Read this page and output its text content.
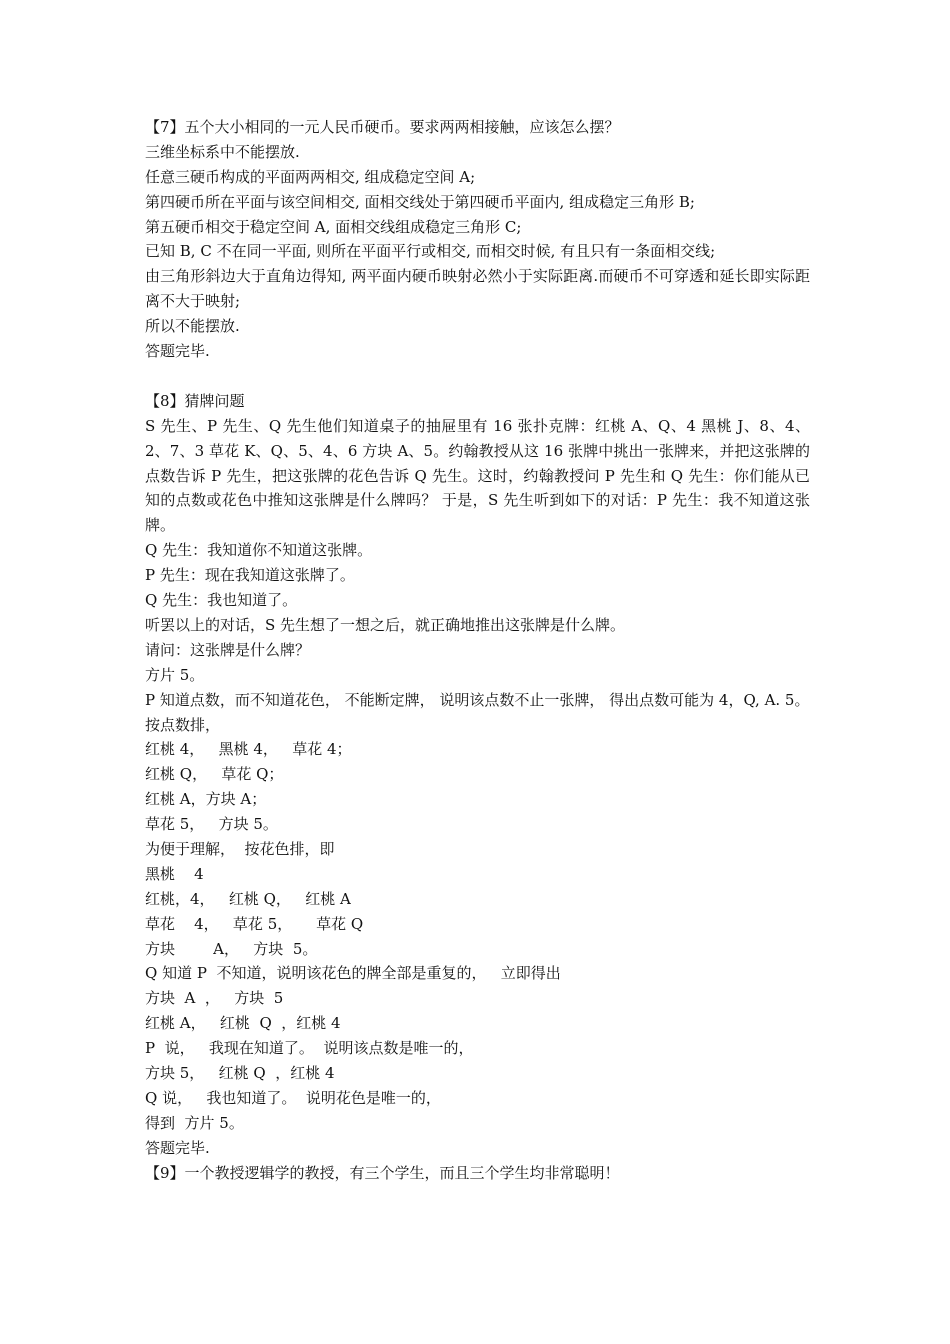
【7】五个大小相同的一元人民币硬币。要求两两相接触，应该怎么摆？
三维坐标系中不能摆放.
任意三硬币构成的平面两两相交, 组成稳定空间 A;
第四硬币所在平面与该空间相交, 面相交线处于第四硬币平面内, 组成稳定三角形 B;
第五硬币相交于稳定空间 A, 面相交线组成稳定三角形 C;
已知 B, C 不在同一平面, 则所在平面平行或相交, 而相交时候, 有且只有一条面相交线;
由三角形斜边大于直角边得知, 两平面内硬币映射必然小于实际距离.而硬币不可穿透和延长即实际距离不大于映射;
所以不能摆放.
答题完毕.
【8】猜牌问题
S 先生、P 先生、Q 先生他们知道桌子的抽屉里有 16 张扑克牌：红桃 A、Q、4 黑桃 J、8、4、2、7、3 草花 K、Q、5、4、6 方块 A、5。约翰教授从这 16 张牌中挑出一张牌来，并把这张牌的点数告诉 P 先生，把这张牌的花色告诉 Q 先生。这时，约翰教授问 P 先生和 Q 先生：你们能从已知的点数或花色中推知这张牌是什么牌吗？ 于是，S 先生听到如下的对话：P 先生：我不知道这张牌。
Q 先生：我知道你不知道这张牌。
P 先生：现在我知道这张牌了。
Q 先生：我也知道了。
听罢以上的对话，S 先生想了一想之后，就正确地推出这张牌是什么牌。
请问：这张牌是什么牌？
方片 5。
P 知道点数，而不知道花色， 不能断定牌， 说明该点数不止一张牌， 得出点数可能为 4，Q, A. 5。
按点数排，
红桃 4，   黑桃 4，   草花 4；
红桃 Q，   草花 Q；
红桃 A，方块 A；
草花 5，   方块 5。
为便于理解，  按花色排，即
黑桃    4
红桃，4，   红桃 Q，   红桃 A
草花    4，   草花 5，     草花 Q
方块        A，   方块  5。
Q 知道 P  不知道，说明该花色的牌全部是重复的，   立即得出
方块  A  ，   方块  5
红桃 A，   红桃  Q  ，红桃 4
P  说，   我现在知道了。  说明该点数是唯一的，
方块 5，   红桃 Q  ，红桃 4
Q 说，   我也知道了。  说明花色是唯一的，
得到  方片 5。
答题完毕.
【9】一个教授逻辑学的教授，有三个学生，而且三个学生均非常聪明！
